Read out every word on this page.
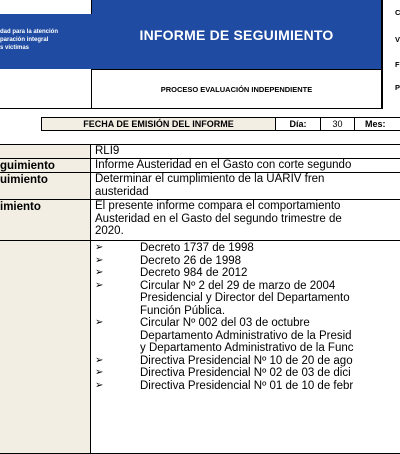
dad para la atención
paración integral
s víctimas
INFORME DE SEGUIMIENTO
PROCESO EVALUACIÓN INDEPENDIENTE
C
V
F
P
FECHA DE EMISIÓN DEL INFORME	Día:	30	Mes:
RLI9
guimiento	Informe Austeridad en el Gasto con corte segundo
uimiento	Determinar el cumplimiento de la UARIV fren
austeridad
imiento	El presente informe compara el comportamiento
Austeridad en el Gasto del segundo trimestre de
2020.
➢	Decreto 1737 de 1998
➢	Decreto 26 de 1998
➢	Decreto 984 de 2012
➢	Circular Nº 2 del 29 de marzo de 2004
Presidencial y Director del Departamento
Función Pública.
➢	Circular Nº 002 del 03 de octubre
Departamento Administrativo de la Presid
y Departamento Administrativo de la Func
➢	Directiva Presidencial Nº 10 de 20 de ago
➢	Directiva Presidencial Nº 02 de 03 de dici
➢	Directiva Presidencial Nº 01 de 10 de febr
